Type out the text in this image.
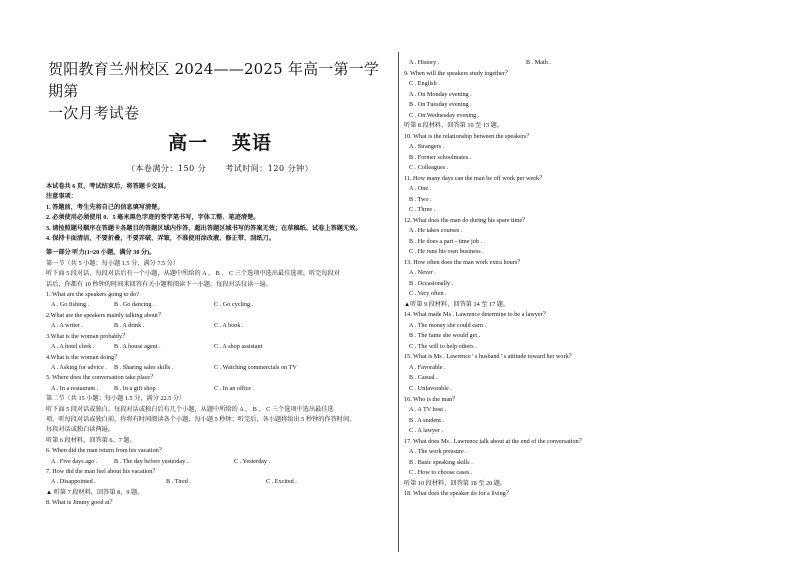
贺阳教育兰州校区 2024——2025 年高一第一学期第
一次月考试卷
高一 英语
（本卷满分：150 分 考试时间：120 分钟）
本试卷共 6 页，考试结束后，将答题卡交回。
注意事项：
1. 答题前，考生先将自己的信息填写清楚。
2. 必须使用必须使用 0．5 毫米黑色字迹的签字笔书写，字体工整、笔迹清楚。
3. 请按照题号顺序在答题卡各题目的答题区域内作答，超出答题区域书写的答案无效；在草稿纸、试卷上答题无效。
4. 保持卡面清洁，不要折叠，不要弄破、弄皱，不准使用涂改液、修正带、刮纸刀。
第一部分 听力(1~20 小题，满分 30 分)。
第一节（共 5 小题；每小题 1.5 分，满分 7.5 分）
听下面 5 段对话，每段对话后有一个小题，从题中所给的 A 、 B 、 C 三个选项中选出最佳选项。听完每段对
话后，你都有 10 秒钟的时间来回答有关小题和阅读下一小题。每段对话仅读一遍。
1. What are the speakers going to do?
A . Go fishing .	B . Go dancing .	C . Go cycling .
2.What are the speakers mainly talking about？
A . A writer .	B . A drink .	C . A book .
3.What is the woman probably？
A . A hotel clerk .	B . A house agent .	C . A shop assistant
4.What is the woman doing？
A . Asking for advice . B . Sharing sales skills .	C . Watching commercials on TV
5. Where does the conversation take place？
A . In a restaurant .	B . In a gift shop .	C . In an office .
第二节（共 15 小题；每小题 1.5 分，满分 22.5 分）
听下面 5 段对话或独白。每段对话或独白后有几个小题，从题中所给的 A 、 B 、 C 三个选项中选出最佳选
项。听每段对话或独白前，你将有时间阅读各个小题，每小题 5 秒钟；听完后，各小题将给出 5 秒钟的作答时间。
每段对话或独白读两遍。
听第 6 段材料，回答第 6、7 题。
6. When did the man return from his vacation？
A . Five days ago .	B . The day before yesterday .	C . Yesterday .
7. How did the man feel about his vacation？
A . Disappointed .	B . Tired .	C . Excited .
▲ 听第 7 段材料，回答第 8、9 题。
8. What is Jimmy good at？
A . History .	B . Math .
9. When will the speakers study together？
C . English .
A . On Monday evening .
B . On Tuesday evening .
C . On Wednesday evening .
听第 8 段材料，回答第 10 至 13 题。
10. What is the relationship between the speakers？
A . Strangers .
B . Former schoolmates .
C . Colleagues .
11. How many days can the man be off work per week？
A . One .
B . Two .
C . Three .
12. What does the man do during his spare time？
A . He takes courses .
B . He does a part - time job .
C . He runs his own business .
13. How often does the man work extra hours？
A . Never .
B . Occasionally .
C . Very often .
▲听第 9 段材料，回答第 14 至 17 题。
14. What made Ms . Lawrence determine to be a lawyer？
A . The money she could earn .
B . The fame she would get .
C . The will to help others .
15. What is Ms . Lawrence ' s husband ' s attitude toward her work？
A . Favorable .
B . Casual .
C . Unfavorable .
16. Who is the man？
A . A TV host .
B . A student .
C . A lawyer .
17. What does Ms . Lawrence talk about at the end of the conversation？
A . The work pressure .
B . Basic speaking skills .
C . How to choose cases .
听第 10 段材料，回答第 18 至 20 题。
18. What does the speaker do for a living？
